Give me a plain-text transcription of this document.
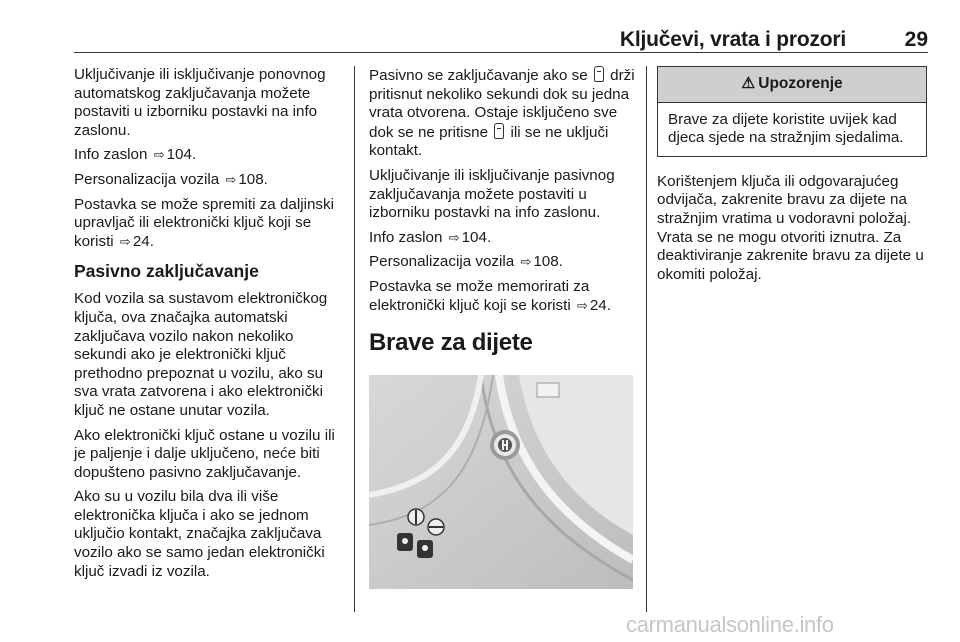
Ključevi, vrata i prozori	29

Uključivanje ili isključivanje ponovnog automatskog zaključavanja možete postaviti u izborniku postavki na info zaslonu.

Info zaslon ⇨ 104.

Personalizacija vozila ⇨ 108.

Postavka se može spremiti za daljinski upravljač ili elektronički ključ koji se koristi ⇨ 24.

Pasivno zaključavanje

Kod vozila sa sustavom elektroničkog ključa, ova značajka automatski zaključava vozilo nakon nekoliko sekundi ako je elektronički ključ prethodno prepoznat u vozilu, ako su sva vrata zatvorena i ako elektronički ključ ne ostane unutar vozila.

Ako elektronički ključ ostane u vozilu ili je paljenje i dalje uključeno, neće biti dopušteno pasivno zaključavanje.

Ako su u vozilu bila dva ili više elektronička ključa i ako se jednom uključio kontakt, značajka zaključava vozilo ako se samo jedan elektronički ključ izvadi iz vozila.

Pasivno se zaključavanje ako se drži pritisnut nekoliko sekundi dok su jedna vrata otvorena. Ostaje isključeno sve dok se ne pritisne ili se ne uključi kontakt.

Uključivanje ili isključivanje pasivnog zaključavanja možete postaviti u izborniku postavki na info zaslonu.

Info zaslon ⇨ 104.

Personalizacija vozila ⇨ 108.

Postavka se može memorirati za elektronički ključ koji se koristi ⇨ 24.

Brave za dijete
⚠ Upozorenje
Brave za dijete koristite uvijek kad djeca sjede na stražnjim sjedalima.

Korištenjem ključa ili odgovarajućeg odvijača, zakrenite bravu za dijete na stražnjim vratima u vodoravni položaj. Vrata se ne mogu otvoriti iznutra. Za deaktiviranje zakrenite bravu za dijete u okomiti položaj.

carmanualsonline.info
